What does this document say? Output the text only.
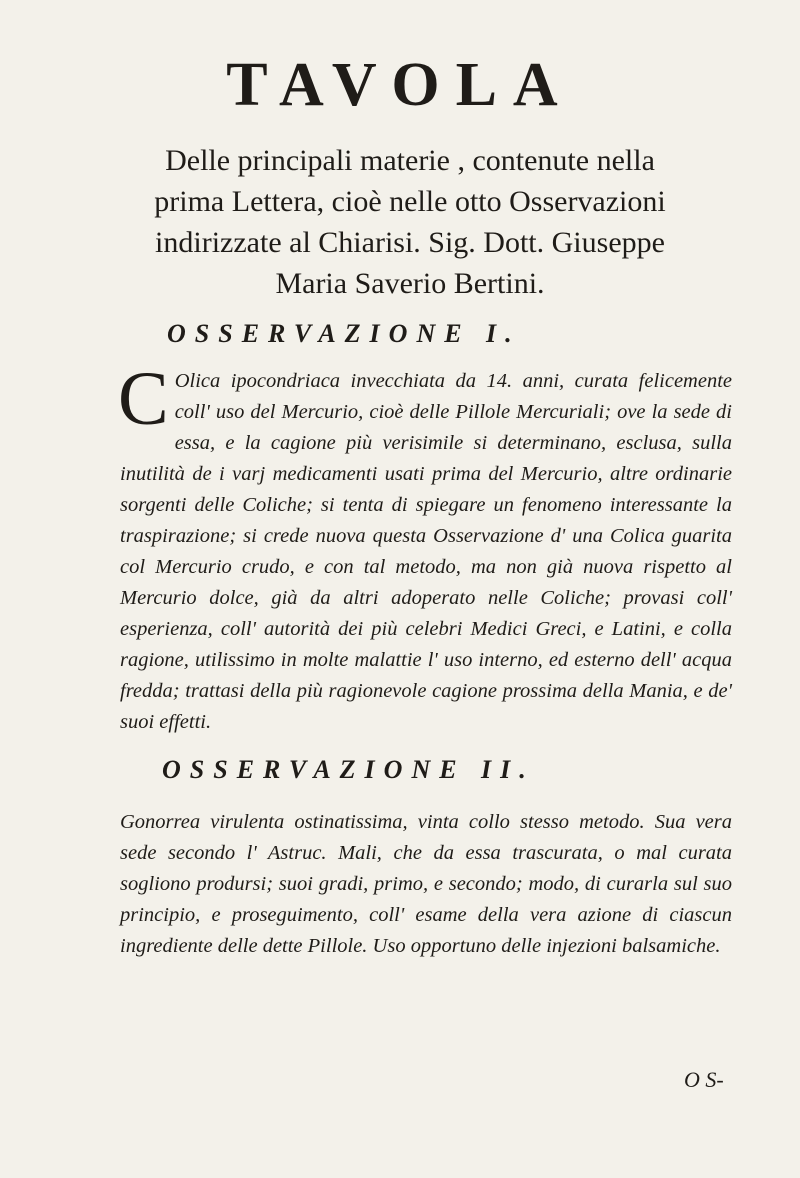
TAVOLA

Delle principali materie , contenute nella prima Lettera, cioè nelle otto Osservazioni indirizzate al Chiarisi. Sig. Dott. Giuseppe Maria Saverio Bertini.

OSSERVAZIONE I.

C Olica ipocondriaca invecchiata da 14. anni, curata felicemente coll' uso del Mercurio, cioè delle Pillole Mercuriali; ove la sede di essa, e la cagione più verisimile si determinano, esclusa, sulla inutilità de i varj medicamenti usati prima del Mercurio, altre ordinarie sorgenti delle Coliche; si tenta di spiegare un fenomeno interessante la traspirazione; si crede nuova questa Osservazione d' una Colica guarita col Mercurio crudo, e con tal metodo, ma non già nuova rispetto al Mercurio dolce, già da altri adoperato nelle Coliche; provasi coll' esperienza, coll' autorità dei più celebri Medici Greci, e Latini, e colla ragione, utilissimo in molte malattie l' uso interno, ed esterno dell' acqua fredda; trattasi della più ragionevole cagione prossima della Mania, e de' suoi effetti.

OSSERVAZIONE II.

Gonorrea virulenta ostinatissima, vinta collo stesso metodo. Sua vera sede secondo l' Astruc. Mali, che da essa trascurata, o mal curata sogliono prodursi; suoi gradi, primo, e secondo; modo, di curarla sul suo principio, e proseguimento, coll' esame della vera azione di ciascun ingrediente delle dette Pillole. Uso opportuno delle injezioni balsamiche.

O S-
